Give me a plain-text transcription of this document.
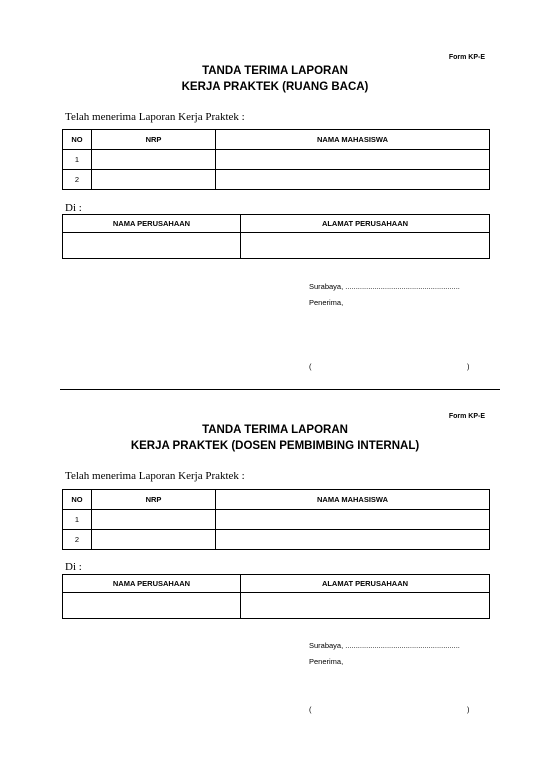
Form KP-E
TANDA TERIMA LAPORAN
KERJA PRAKTEK (RUANG BACA)
Telah menerima Laporan Kerja Praktek :
NO	NRP	NAMA MAHASISWA
1		
2		
Di :
NAMA PERUSAHAAN	ALAMAT PERUSAHAAN

Surabaya, .......................................................
Penerima,
(	)
Form KP-E
TANDA TERIMA LAPORAN
KERJA PRAKTEK (DOSEN PEMBIMBING INTERNAL)
Telah menerima Laporan Kerja Praktek :
NO	NRP	NAMA MAHASISWA
1		
2		
Di :
NAMA PERUSAHAAN	ALAMAT PERUSAHAAN

Surabaya, .......................................................
Penerima,
(	)
